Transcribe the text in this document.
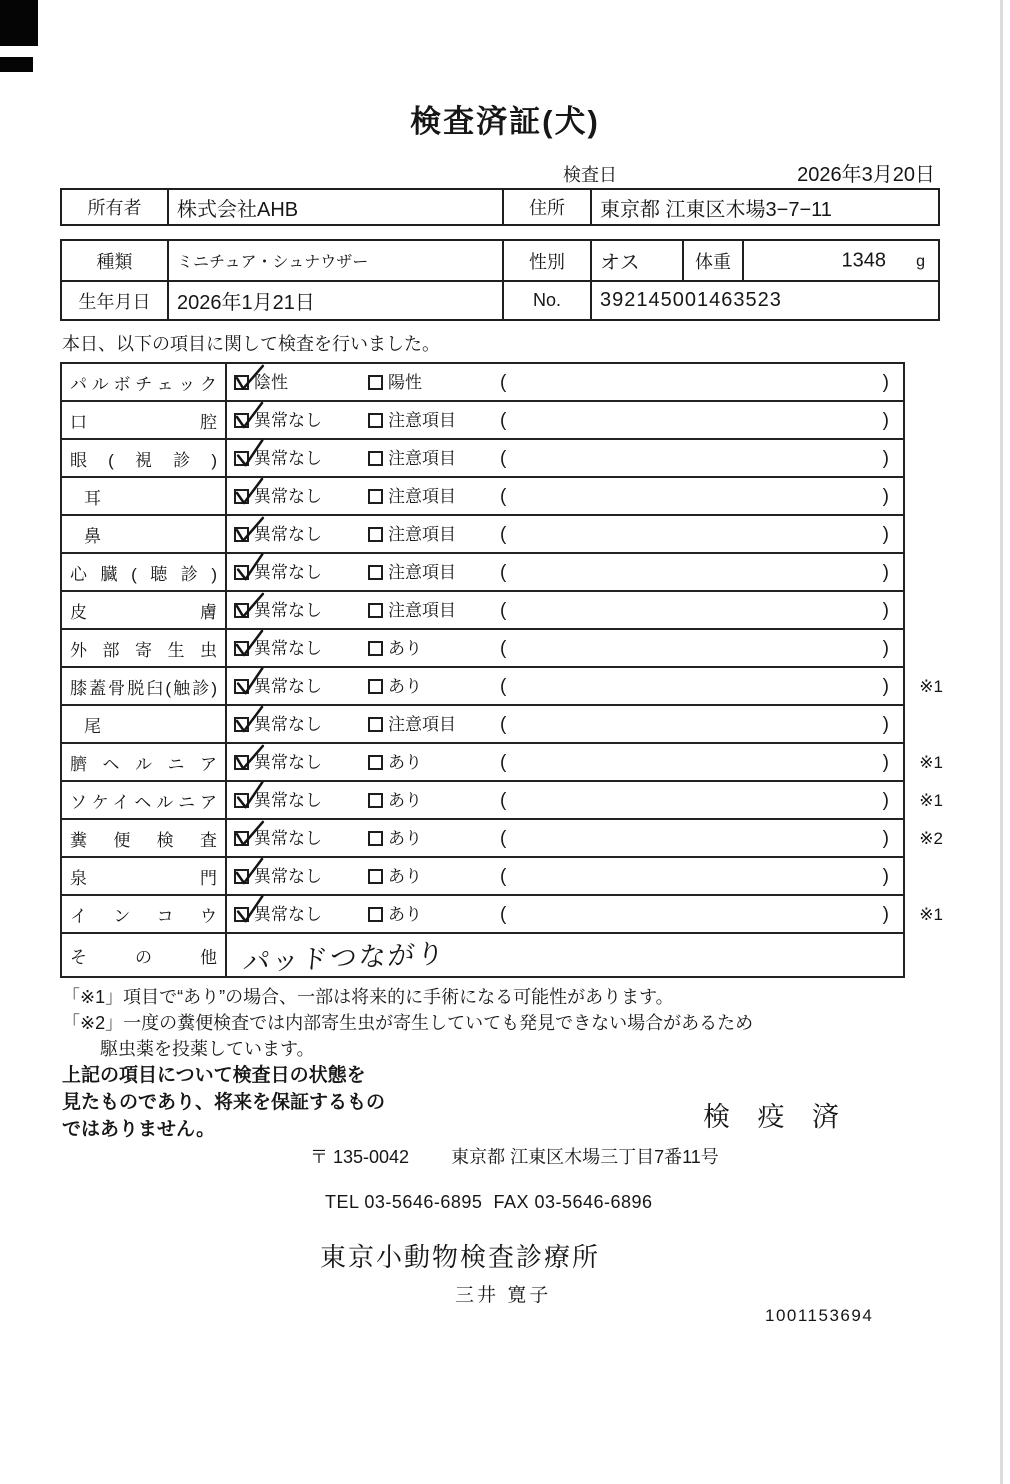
検査済証(犬)
検査日	2026年3月20日
所有者	株式会社AHB	住所	東京都 江東区木場3−7−11
種類	ミニチュア・シュナウザー	性別	オス	体重	1348 g
生年月日	2026年1月21日	No.	392145001463523
本日、以下の項目に関して検査を行いました。
パルボチェック	陰性	陽性	(	)
口腔	異常なし	注意項目 (	)
眼(視診)	異常なし	注意項目 (	)
耳	異常なし	注意項目 (	)
鼻	異常なし	注意項目 (	)
心臓(聴診)	異常なし	注意項目 (	)
皮膚	異常なし	注意項目 (	)
外部寄生虫	異常なし	あり	(	)
膝蓋骨脱臼(触診)	異常なし	あり	(	) ※1
尾	異常なし	注意項目 (	)
臍ヘルニア	異常なし	あり	(	) ※1
ソケイヘルニア	異常なし	あり	(	) ※1
糞便検査	異常なし	あり	(	) ※2
泉門	異常なし	あり	(	)
インコウ	異常なし	あり	(	) ※1
その他 パッドつながり
「※1」項目で“あり”の場合、一部は将来的に手術になる可能性があります。
「※2」一度の糞便検査では内部寄生虫が寄生していても発見できない場合があるため
駆虫薬を投薬しています。
上記の項目について検査日の状態を
見たものであり、将来を保証するもの
ではありません。	検 疫 済
〒 135-0042 東京都 江東区木場三丁目7番11号
TEL 03-5646-6895  FAX 03-5646-6896
東京小動物検査診療所
三井 寛子
1001153694
